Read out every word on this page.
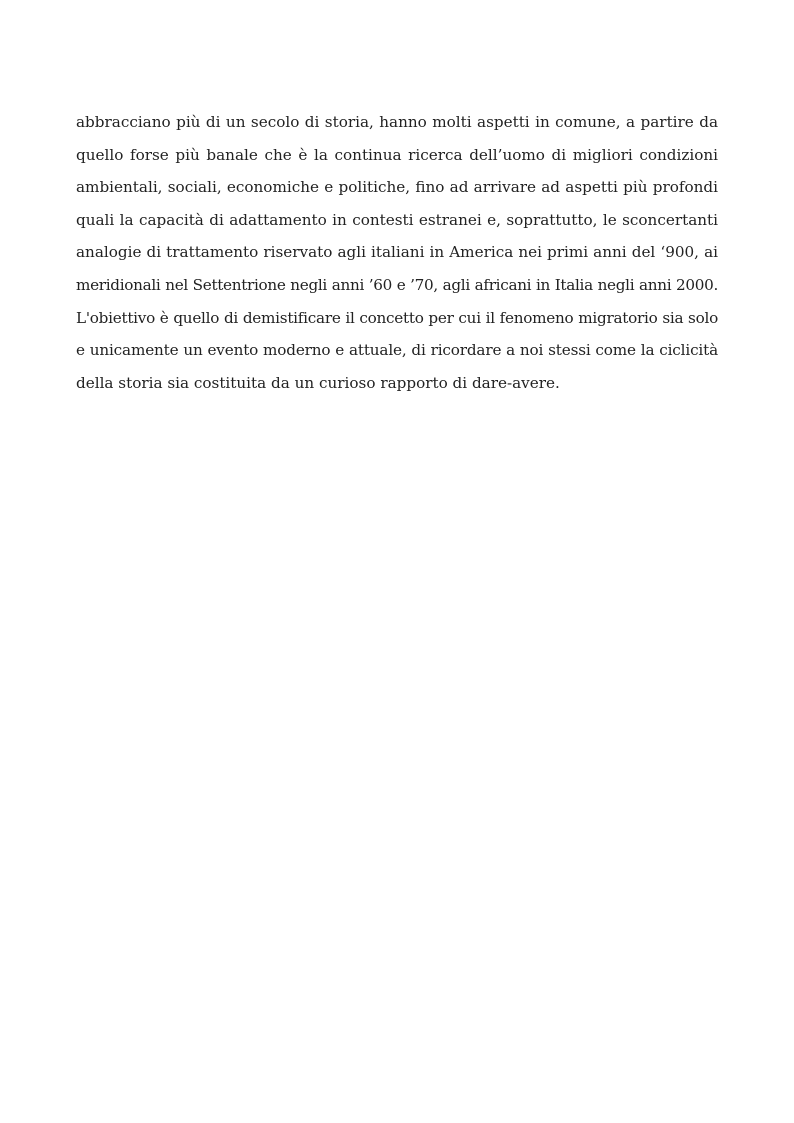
abbracciano più di un secolo di storia, hanno molti aspetti in comune, a partire da
quello forse più banale che è la continua ricerca dell’uomo di migliori condizioni
ambientali, sociali, economiche e politiche, fino ad arrivare ad aspetti più profondi
quali la capacità di adattamento in contesti estranei e, soprattutto, le sconcertanti
analogie di trattamento riservato agli italiani in America nei primi anni del ‘900, ai
meridionali nel Settentrione negli anni ’60 e ’70, agli africani in Italia negli anni 2000.
L'obiettivo è quello di demistificare il concetto per cui il fenomeno migratorio sia solo
e unicamente un evento moderno e attuale, di ricordare a noi stessi come la ciclicità
della storia sia costituita da un curioso rapporto di dare-avere.
